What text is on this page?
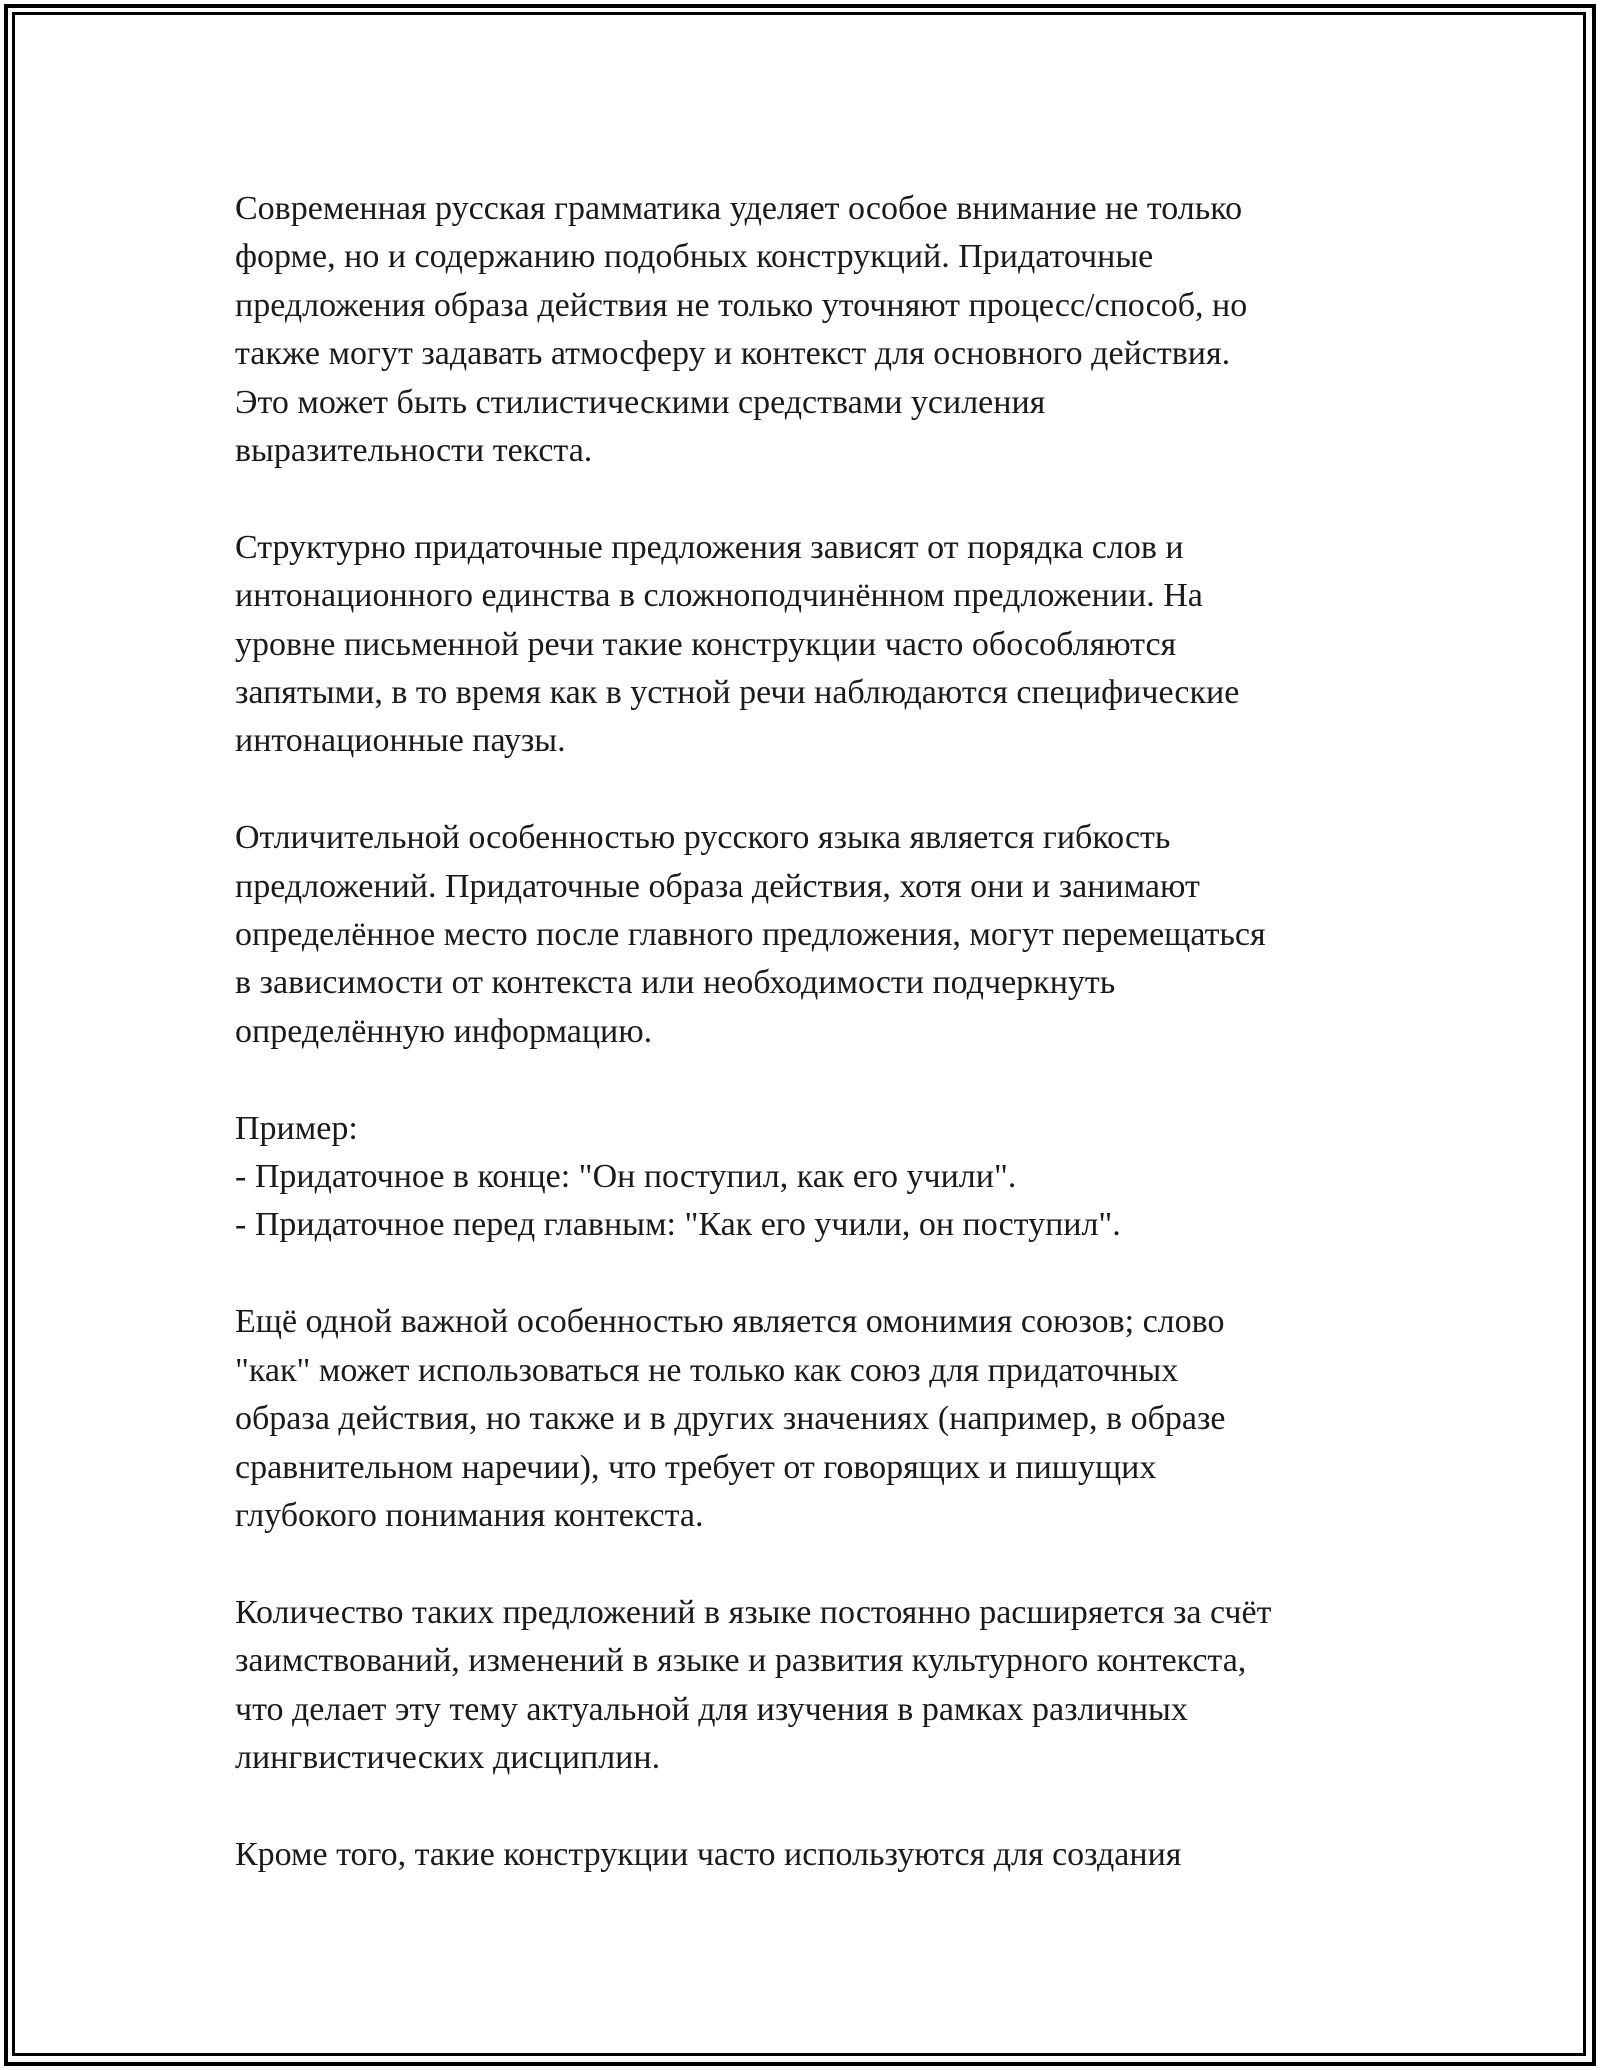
Современная русская грамматика уделяет особое внимание не только
форме, но и содержанию подобных конструкций. Придаточные
предложения образа действия не только уточняют процесс/способ, но
также могут задавать атмосферу и контекст для основного действия.
Это может быть стилистическими средствами усиления
выразительности текста.

Структурно придаточные предложения зависят от порядка слов и
интонационного единства в сложноподчинённом предложении. На
уровне письменной речи такие конструкции часто обособляются
запятыми, в то время как в устной речи наблюдаются специфические
интонационные паузы.

Отличительной особенностью русского языка является гибкость
предложений. Придаточные образа действия, хотя они и занимают
определённое место после главного предложения, могут перемещаться
в зависимости от контекста или необходимости подчеркнуть
определённую информацию.

Пример:
- Придаточное в конце: "Он поступил, как его учили".
- Придаточное перед главным: "Как его учили, он поступил".

Ещё одной важной особенностью является омонимия союзов; слово
"как" может использоваться не только как союз для придаточных
образа действия, но также и в других значениях (например, в образе
сравнительном наречии), что требует от говорящих и пишущих
глубокого понимания контекста.

Количество таких предложений в языке постоянно расширяется за счёт
заимствований, изменений в языке и развития культурного контекста,
что делает эту тему актуальной для изучения в рамках различных
лингвистических дисциплин.

Кроме того, такие конструкции часто используются для создания
